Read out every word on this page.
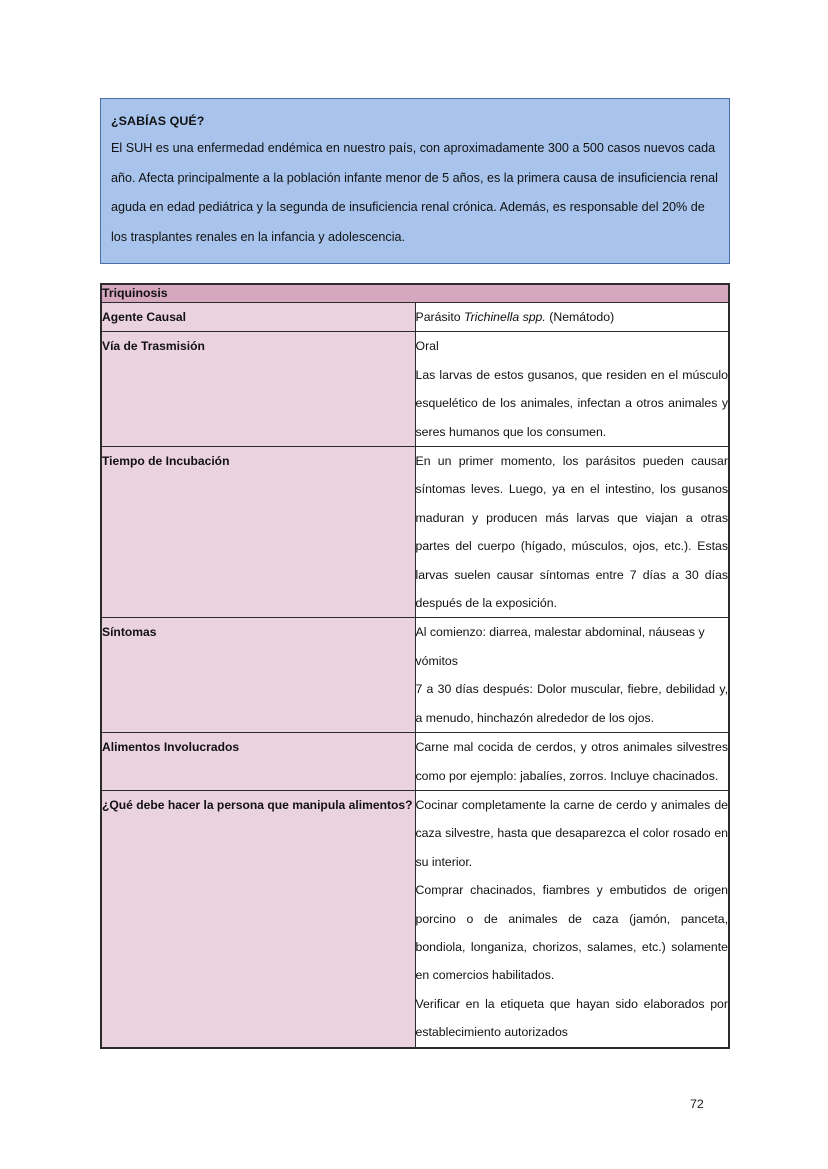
¿SABÍAS QUÉ?
El SUH es una enfermedad endémica en nuestro país, con aproximadamente 300 a 500 casos nuevos cada año. Afecta principalmente a la población infante menor de 5 años, es la primera causa de insuficiencia renal aguda en edad pediátrica y la segunda de insuficiencia renal crónica. Además, es responsable del 20% de los trasplantes renales en la infancia y adolescencia.
Triquinosis	

Agente Causal	Parásito Trichinella spp. (Nemátodo)

Vía de Trasmisión	Oral

Las larvas de estos gusanos, que residen en el músculo esquelético de los animales, infectan a otros animales y seres humanos que los consumen.

Tiempo de Incubación	En un primer momento, los parásitos pueden causar síntomas leves. Luego, ya en el intestino, los gusanos maduran y producen más larvas que viajan a otras partes del cuerpo (hígado, músculos, ojos, etc.). Estas larvas suelen causar síntomas entre 7 días a 30 días después de la exposición.

Síntomas	Al comienzo: diarrea, malestar abdominal, náuseas y vómitos

7 a 30 días después: Dolor muscular, fiebre, debilidad y, a menudo, hinchazón alrededor de los ojos.

Alimentos Involucrados	Carne mal cocida de cerdos, y otros animales silvestres como por ejemplo: jabalíes, zorros. Incluye chacinados.

¿Qué debe hacer la persona que manipula alimentos?	Cocinar completamente la carne de cerdo y animales de caza silvestre, hasta que desaparezca el color rosado en su interior.

Comprar chacinados, fiambres y embutidos de origen porcino o de animales de caza (jamón, panceta, bondiola, longaniza, chorizos, salames, etc.) solamente en comercios habilitados.

Verificar en la etiqueta que hayan sido elaborados por establecimiento autorizados

72
